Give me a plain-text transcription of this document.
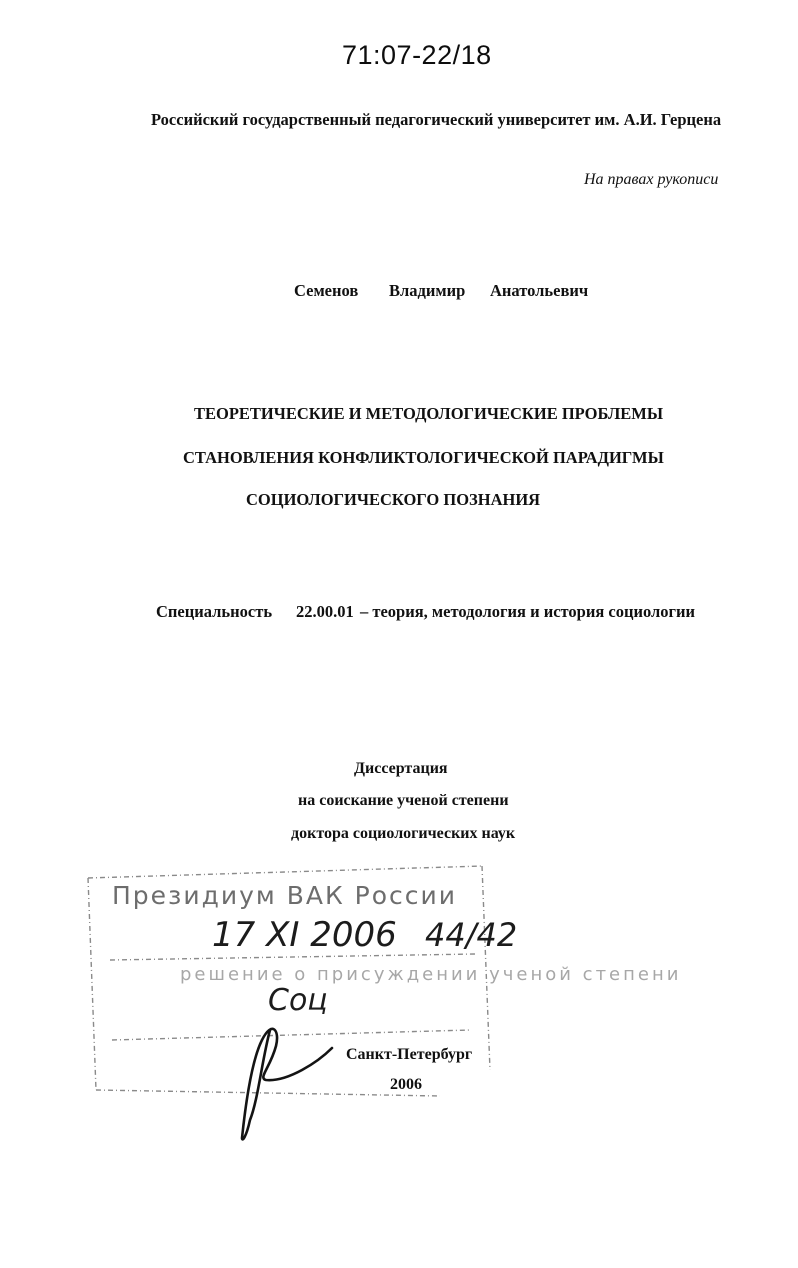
71:07-22/18
Российский государственный педагогический университет им. А.И. Герцена
На правах рукописи
Семенов Владимир Анатольевич
ТЕОРЕТИЧЕСКИЕ И МЕТОДОЛОГИЧЕСКИЕ ПРОБЛЕМЫ
СТАНОВЛЕНИЯ КОНФЛИКТОЛОГИЧЕСКОЙ ПАРАДИГМЫ
СОЦИОЛОГИЧЕСКОГО ПОЗНАНИЯ
Специальность 22.00.01 – теория, методология и история социологии
Диссертация
на соискание ученой степени
доктора социологических наук
Президиум ВАК России
решение о присуждении ученой степени
17 XI 2006 44/42
Соц
Санкт-Петербург
2006
